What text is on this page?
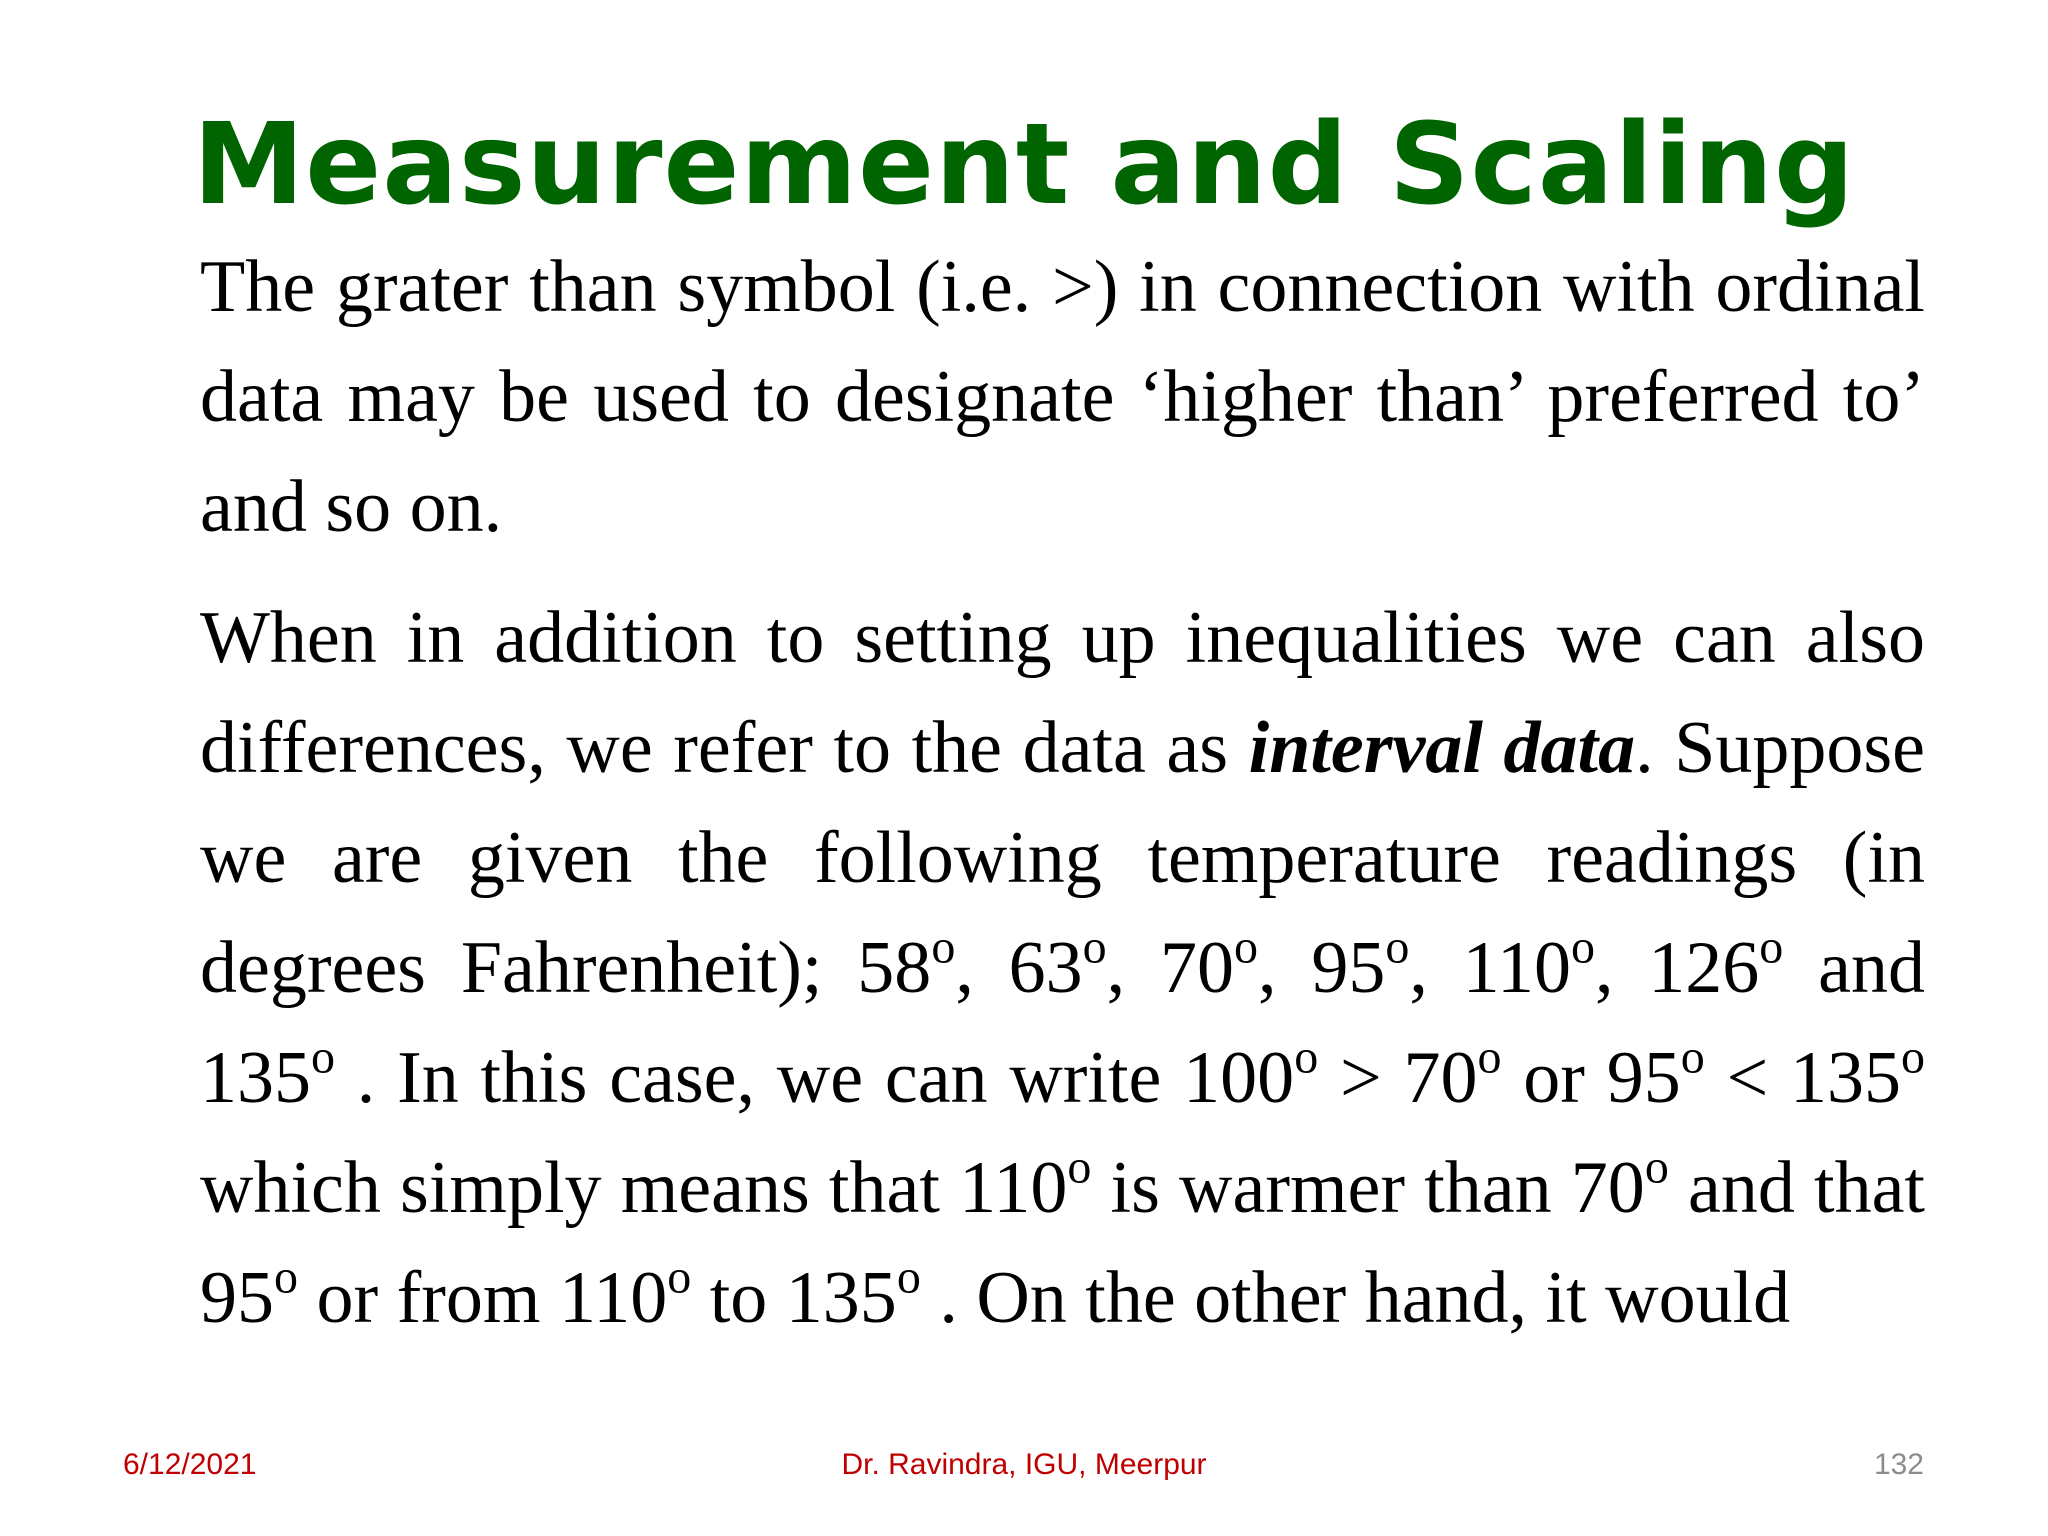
Measurement and Scaling

The grater than symbol (i.e. >) in connection with ordinal data may be used to designate ‘higher than’ preferred to’ and so on.

When in addition to setting up inequalities we can also differences, we refer to the data as interval data. Suppose we are given the following temperature readings (in degrees Fahrenheit); 58$^o$, 63$^o$, 70$^o$, 95$^o$, 110$^o$, 126$^o$ and 135$^o$ . In this case, we can write $100^o > 70^o$ or $95^o < 135^o$ which simply means that 110$^o$ is warmer than 70$^o$ and that 95$^o$ or from 110$^o$ to 135$^o$ . On the other hand, it would

6/12/2021	Dr. Ravindra, IGU, Meerpur	132
